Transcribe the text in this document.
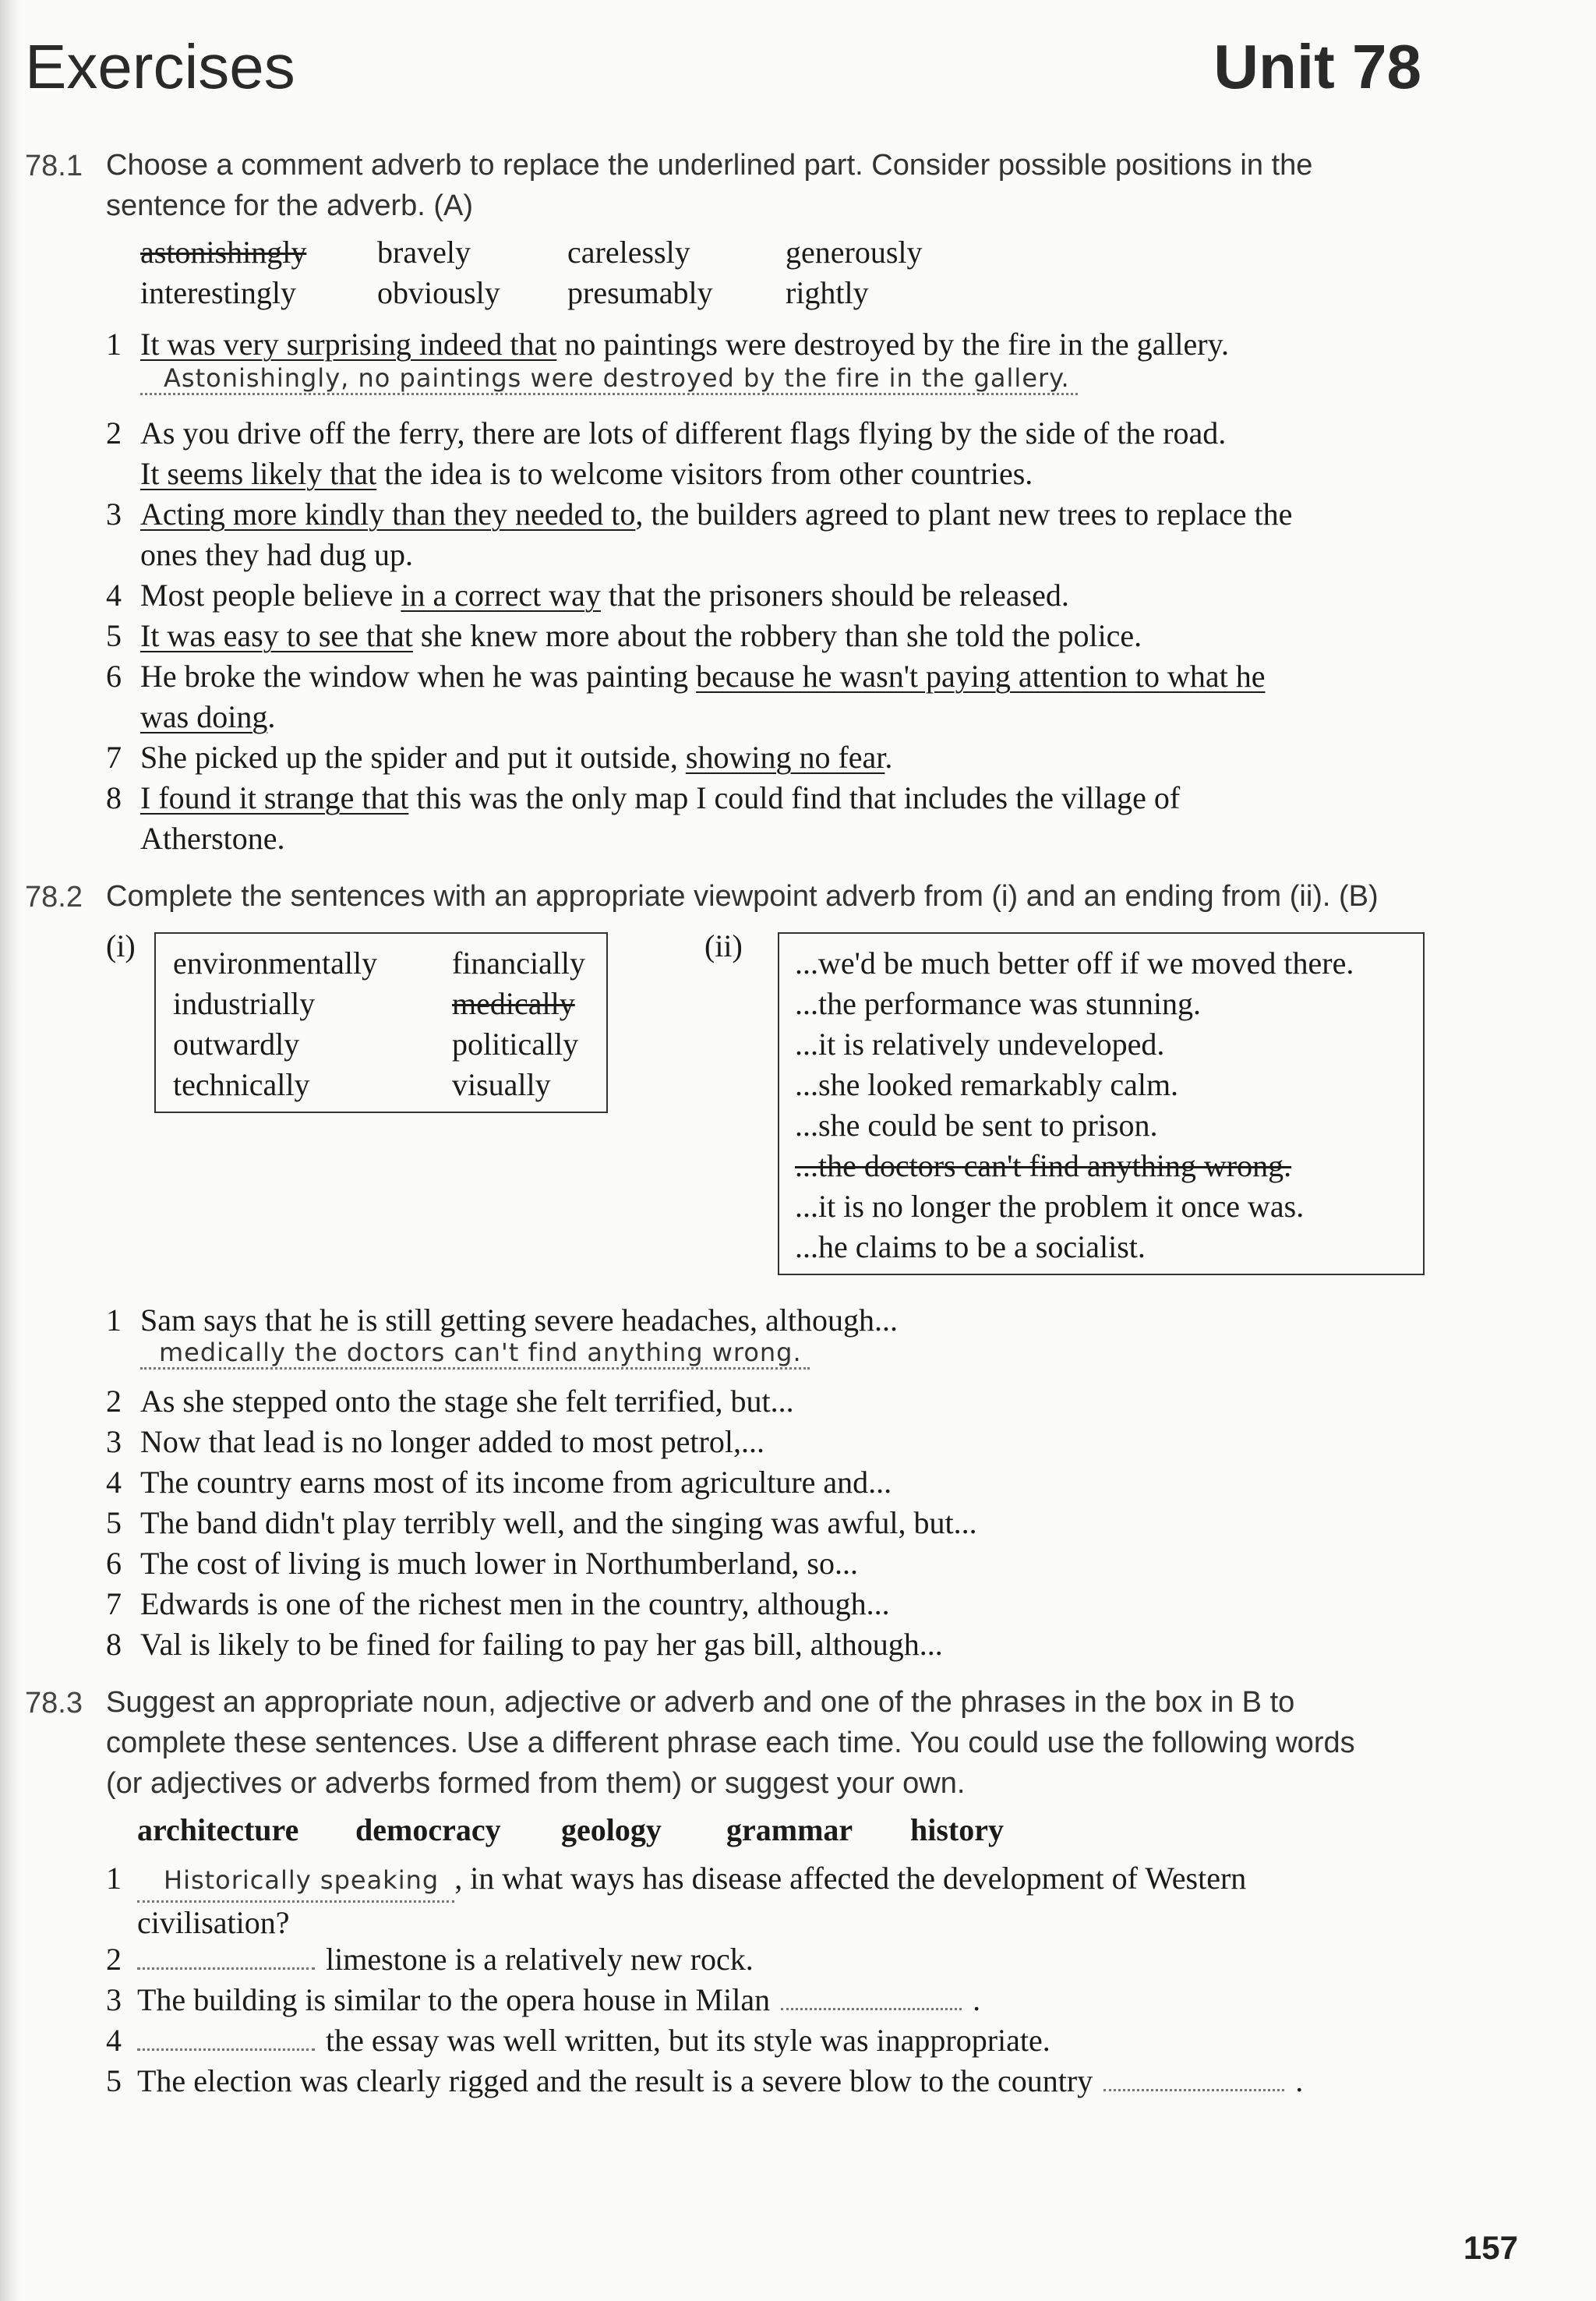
Exercises	Unit 78
78.1 Choose a comment adverb to replace the underlined part. Consider possible positions in the
sentence for the adverb. (A)
astonishingly bravely	carelessly	generously
interestingly	obviously presumably rightly
1 It was very surprising indeed that no paintings were destroyed by the fire in the gallery.
Astonishingly, no paintings were destroyed by the fire in the gallery.
2 As you drive off the ferry, there are lots of different flags flying by the side of the road.
It seems likely that the idea is to welcome visitors from other countries.
3 Acting more kindly than they needed to, the builders agreed to plant new trees to replace the
ones they had dug up.
4 Most people believe in a correct way that the prisoners should be released.
5 It was easy to see that she knew more about the robbery than she told the police.
6 He broke the window when he was painting because he wasn't paying attention to what he
was doing.
7 She picked up the spider and put it outside, showing no fear.
8 I found it strange that this was the only map I could find that includes the village of
Atherstone.
78.2 Complete the sentences with an appropriate viewpoint adverb from (i) and an ending from (ii). (B)
(i) environmentally financially
industrially	medically
outwardly	politically
technically	visually
(ii) ...we'd be much better off if we moved there.
...the performance was stunning.
...it is relatively undeveloped.
...she looked remarkably calm.
...she could be sent to prison.
...the doctors can't find anything wrong.
...it is no longer the problem it once was.
...he claims to be a socialist.
1 Sam says that he is still getting severe headaches, although...
medically the doctors can't find anything wrong.
2 As she stepped onto the stage she felt terrified, but...
3 Now that lead is no longer added to most petrol,...
4 The country earns most of its income from agriculture and...
5 The band didn't play terribly well, and the singing was awful, but...
6 The cost of living is much lower in Northumberland, so...
7 Edwards is one of the richest men in the country, although...
8 Val is likely to be fined for failing to pay her gas bill, although...
78.3 Suggest an appropriate noun, adjective or adverb and one of the phrases in the box in B to
complete these sentences. Use a different phrase each time. You could use the following words
(or adjectives or adverbs formed from them) or suggest your own.
architecture democracy geology grammar history
1 Historically speaking , in what ways has disease affected the development of Western
civilisation?
2	limestone is a relatively new rock.
3 The building is similar to the opera house in Milan	.
4	the essay was well written, but its style was inappropriate.
5 The election was clearly rigged and the result is a severe blow to the country	.
157
